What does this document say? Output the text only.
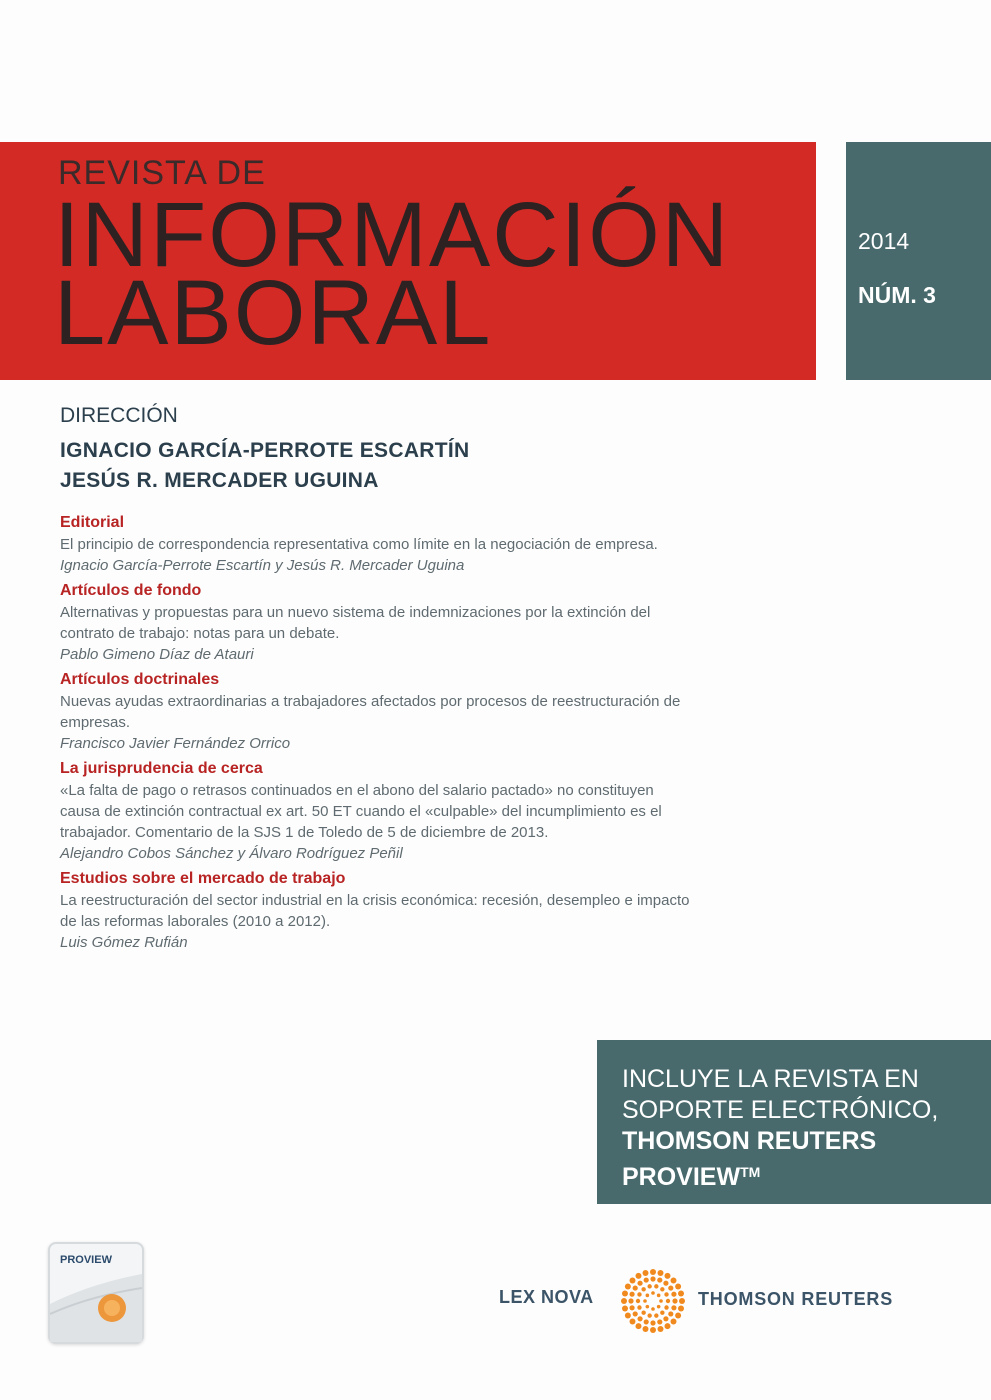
REVISTA DE
INFORMACIÓN
LABORAL
2014
NÚM. 3
DIRECCIÓN
IGNACIO GARCÍA-PERROTE ESCARTÍN
JESÚS R. MERCADER UGUINA
Editorial
El principio de correspondencia representativa como límite en la negociación de empresa.
Ignacio García-Perrote Escartín y Jesús R. Mercader Uguina
Artículos de fondo
Alternativas y propuestas para un nuevo sistema de indemnizaciones por la extinción del
contrato de trabajo: notas para un debate.
Pablo Gimeno Díaz de Atauri
Artículos doctrinales
Nuevas ayudas extraordinarias a trabajadores afectados por procesos de reestructuración de
empresas.
Francisco Javier Fernández Orrico
La jurisprudencia de cerca
«La falta de pago o retrasos continuados en el abono del salario pactado» no constituyen
causa de extinción contractual ex art. 50 ET cuando el «culpable» del incumplimiento es el
trabajador. Comentario de la SJS 1 de Toledo de 5 de diciembre de 2013.
Alejandro Cobos Sánchez y Álvaro Rodríguez Peñil
Estudios sobre el mercado de trabajo
La reestructuración del sector industrial en la crisis económica: recesión, desempleo e impacto
de las reformas laborales (2010 a 2012).
Luis Gómez Rufián
INCLUYE LA REVISTA EN
SOPORTE ELECTRÓNICO,
THOMSON REUTERS
PROVIEW™
PROVIEW
LEX NOVA	THOMSON REUTERS
